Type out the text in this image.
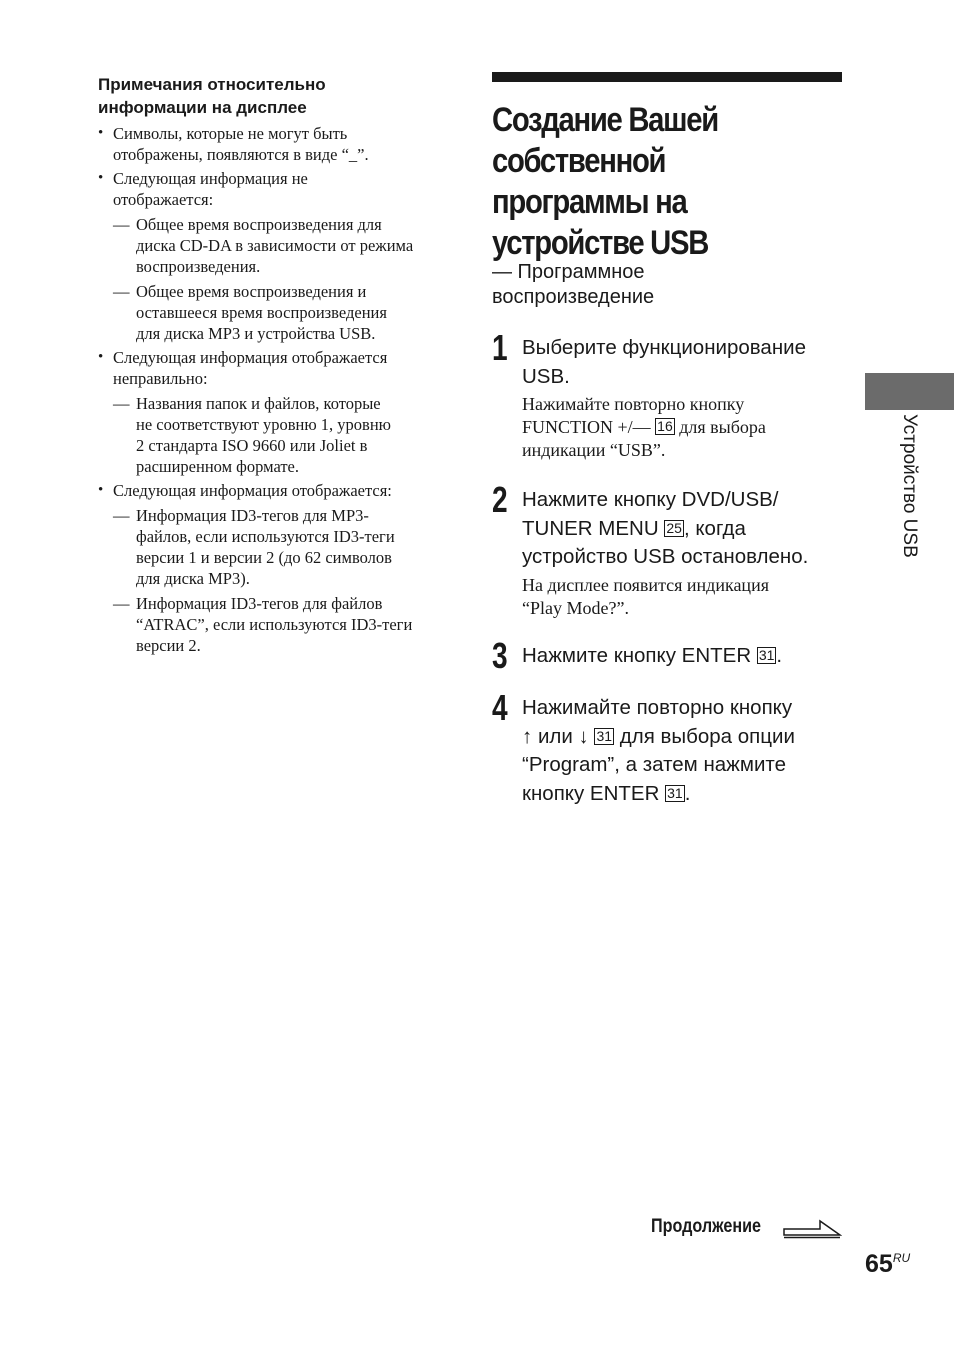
Примечания относительно
информации на дисплее
• Символы, которые не могут быть
отображены, появляются в виде “_”.
• Следующая информация не
отображается:
— Общее время воспроизведения для
диска CD-DA в зависимости от режима
воспроизведения.
— Общее время воспроизведения и
оставшееся время воспроизведения
для диска MP3 и устройства USB.
• Следующая информация отображается
неправильно:
— Названия папок и файлов, которые
не соответствуют уровню 1, уровню
2 стандарта ISO 9660 или Joliet в
расширенном формате.
• Следующая информация отображается:
— Информация ID3-тегов для MP3-
файлов, если используются ID3-теги
версии 1 и версии 2 (до 62 символов
для диска MP3).
— Информация ID3-тегов для файлов
“ATRAC”, если используются ID3-теги
версии 2.
Создание Вашей
собственной
программы на
устройстве USB
— Программное
воспроизведение
1 Выберите функционирование
USB.
Нажимайте повторно кнопку
FUNCTION +/— 16 для выбора
индикации “USB”.
2 Нажмите кнопку DVD/USB/
TUNER MENU 25, когда
устройство USB остановлено.
На дисплее появится индикация
“Play Mode?”.
3 Нажмите кнопку ENTER 31.
4 Нажимайте повторно кнопку
↑ или ↓ 31 для выбора опции
“Program”, а затем нажмите
кнопку ENTER 31.
Устройство USB
Продолжение
$65^{RU}$
